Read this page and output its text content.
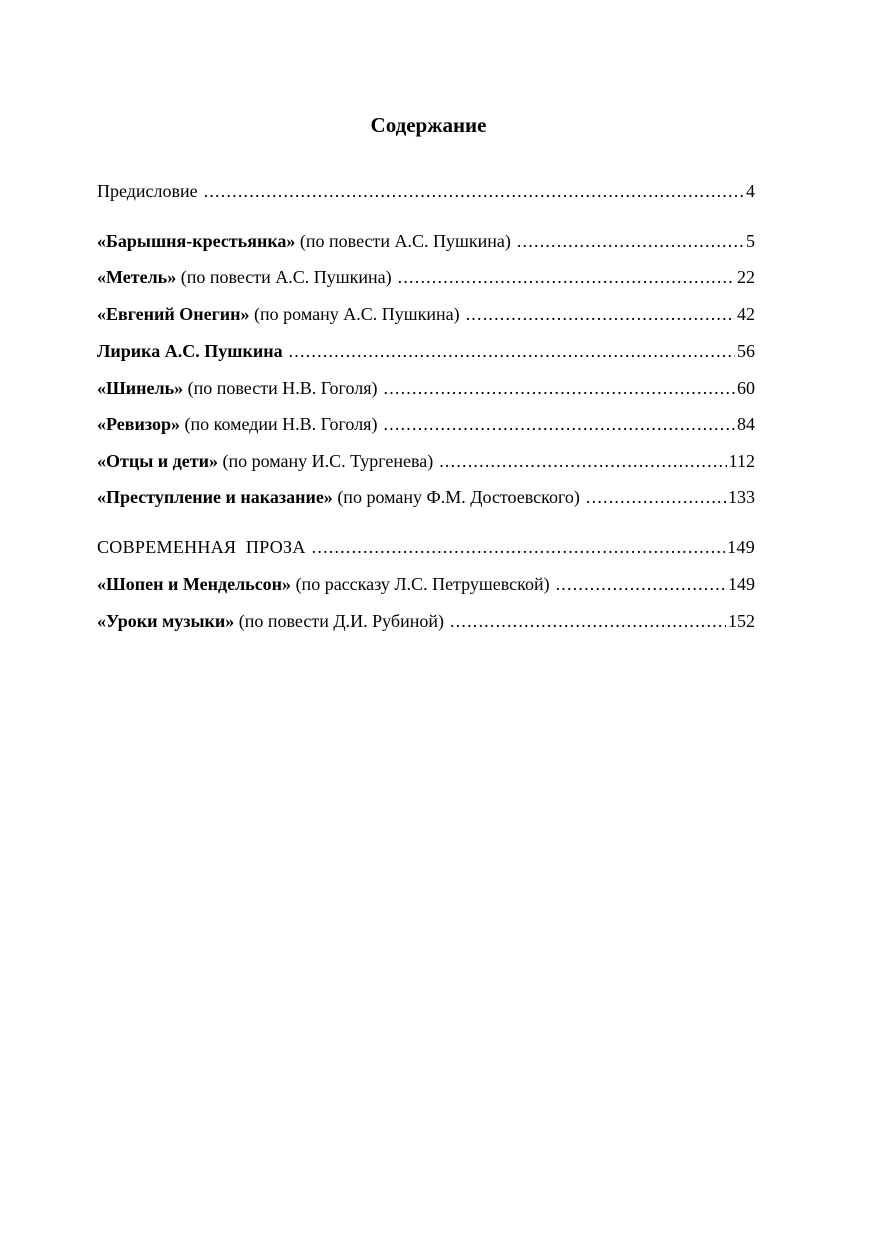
Содержание
Предисловие .....	4
«Барышня-крестьянка» (по повести А.С. Пушкина) .....	5
«Метель» (по повести А.С. Пушкина) .....	22
«Евгений Онегин» (по роману А.С. Пушкина) .....	42
Лирика А.С. Пушкина .....	56
«Шинель» (по повести Н.В. Гоголя) .....	60
«Ревизор» (по комедии Н.В. Гоголя) .....	84
«Отцы и дети» (по роману И.С. Тургенева) .....	112
«Преступление и наказание» (по роману Ф.М. Достоевского) .....	133
СОВРЕМЕННАЯ  ПРОЗА .....	149
«Шопен и Мендельсон» (по рассказу Л.С. Петрушевской) .....	149
«Уроки музыки» (по повести Д.И. Рубиной) .....	152
